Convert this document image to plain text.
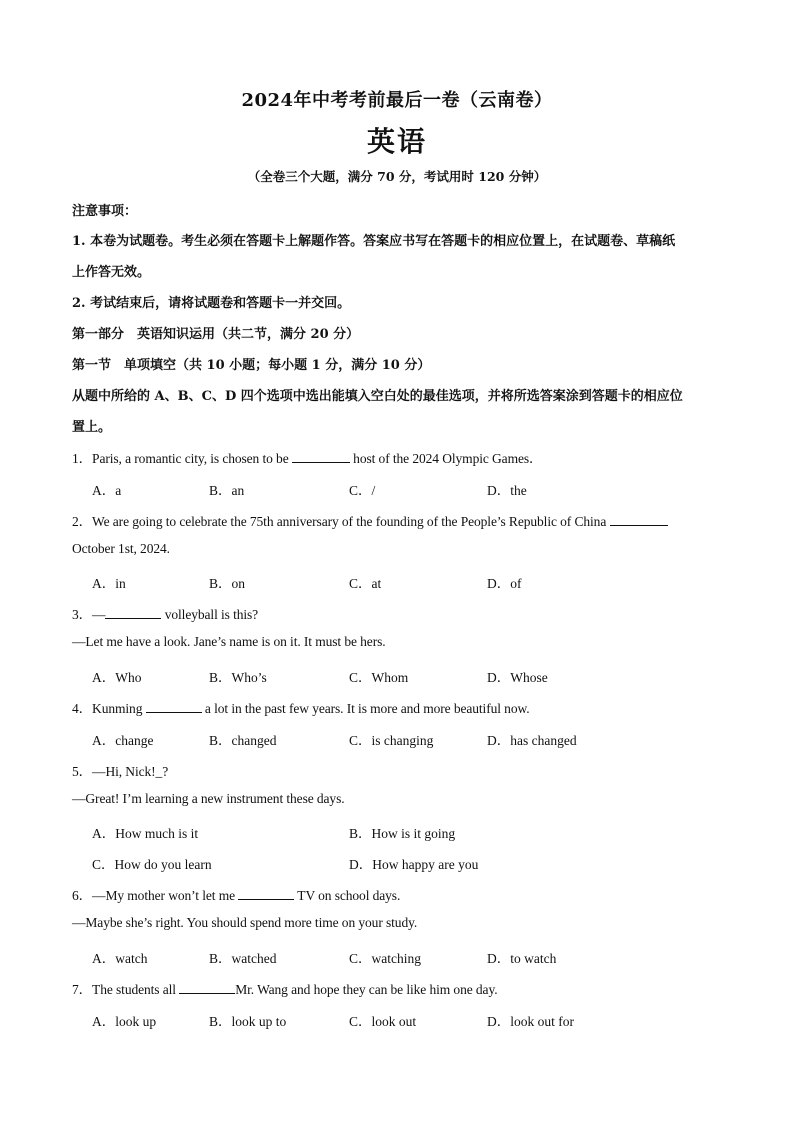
2024年中考考前最后一卷（云南卷）
英语
（全卷三个大题，满分 70 分，考试用时 120 分钟）
注意事项：
1. 本卷为试题卷。考生必须在答题卡上解题作答。答案应书写在答题卡的相应位置上，在试题卷、草稿纸
上作答无效。
2. 考试结束后，请将试题卷和答题卡一并交回。
第一部分　英语知识运用（共二节，满分 20 分）
第一节　单项填空（共 10 小题；每小题 1 分，满分 10 分）
从题中所给的 A、B、C、D 四个选项中选出能填入空白处的最佳选项，并将所选答案涂到答题卡的相应位
置上。
1．Paris, a romantic city, is chosen to be	host of the 2024 Olympic Games．
A．a	B．an	C．/	D．the
2．We are going to celebrate the 75th anniversary of the founding of the People’s Republic of China
October 1st, 2024.
A．in	B．on	C．at	D．of
3．—	volleyball is this?
—Let me have a look. Jane’s name is on it. It must be hers.
A．Who	B．Who’s	C．Whom	D．Whose
4．Kunming	a lot in the past few years. It is more and more beautiful now.
A．change	B．changed	C．is changing	D．has changed
5．—Hi, Nick!_?
—Great! I’m learning a new instrument these days.
A．How much is it	B．How is it going
C．How do you learn	D．How happy are you
6．—My mother won’t let me	TV on school days.
—Maybe she’s right. You should spend more time on your study.
A．watch	B．watched	C．watching	D．to watch
7．The students all	Mr. Wang and hope they can be like him one day.
A．look up	B．look up to	C．look out	D．look out for
